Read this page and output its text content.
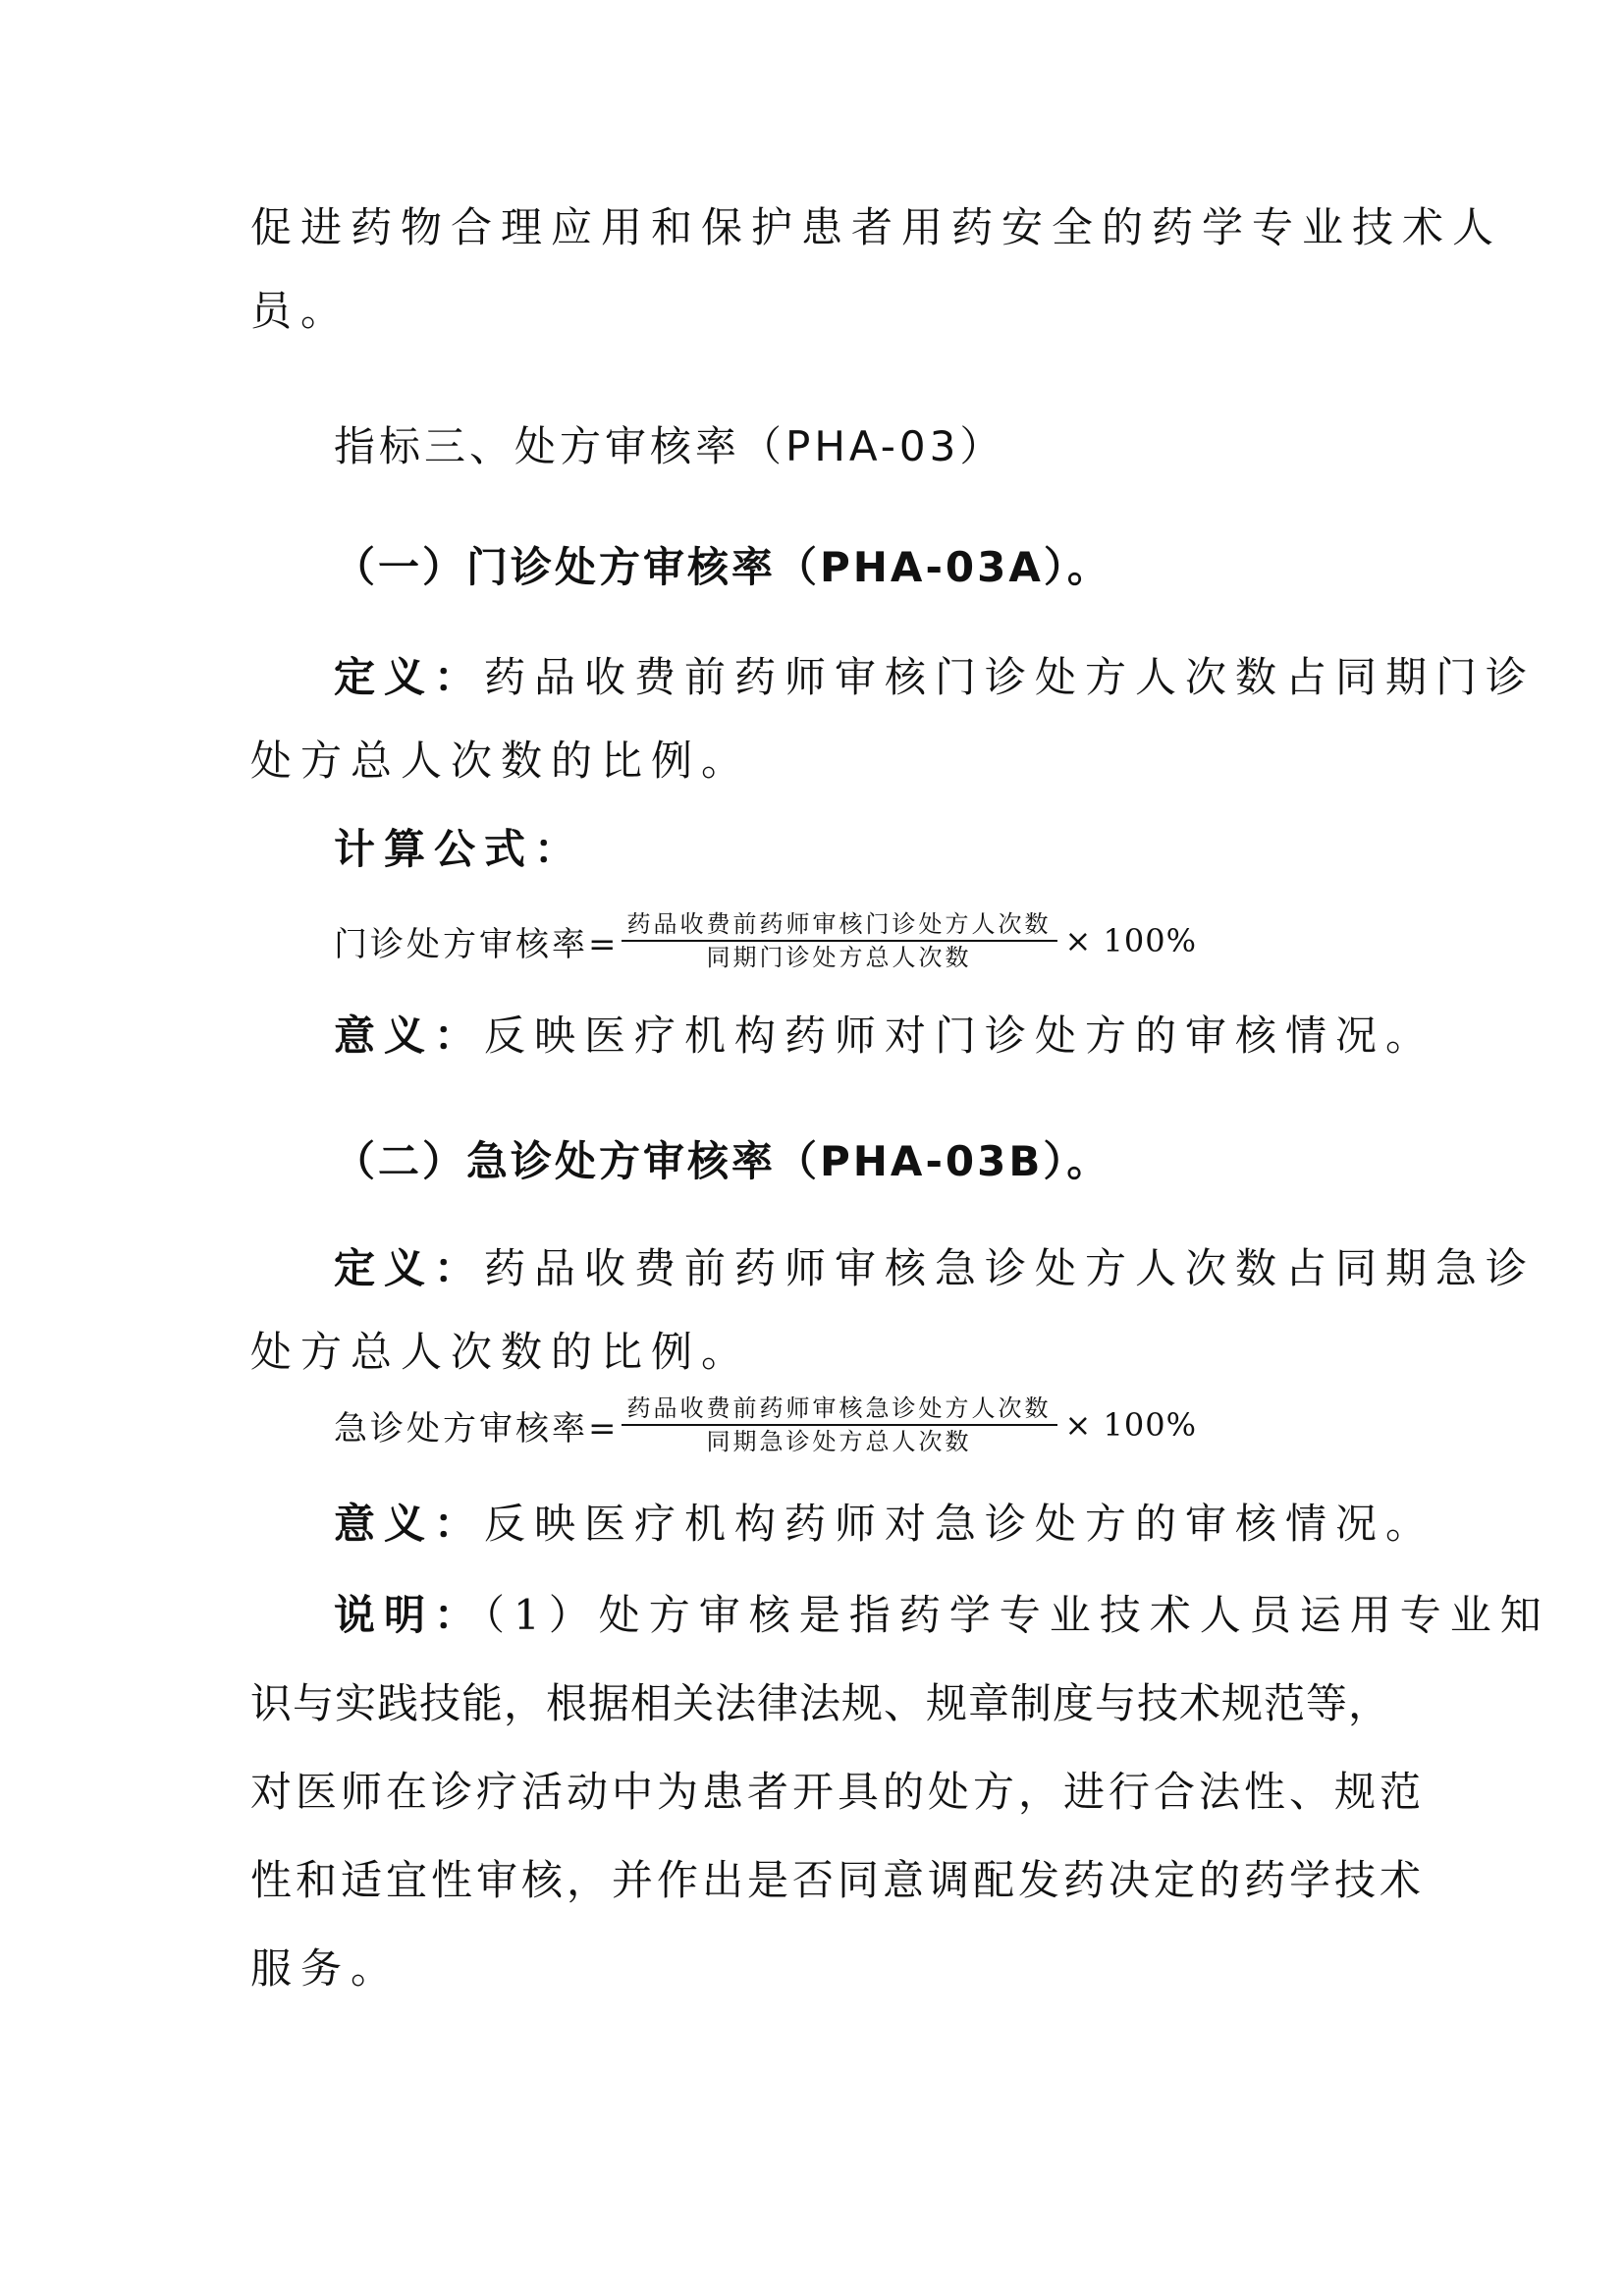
促进药物合理应用和保护患者用药安全的药学专业技术人
员。
指标三、处方审核率（PHA-03）
（一）门诊处方审核率（PHA-03A）。
定义：药品收费前药师审核门诊处方人次数占同期门诊
处方总人次数的比例。
计算公式：
门诊处方审核率= $\frac{\text{药品收费前药师审核门诊处方人次数}}{\text{同期门诊处方总人次数}} \times 100\%$
意义：反映医疗机构药师对门诊处方的审核情况。
（二）急诊处方审核率（PHA-03B）。
定义：药品收费前药师审核急诊处方人次数占同期急诊
处方总人次数的比例。
急诊处方审核率= $\frac{\text{药品收费前药师审核急诊处方人次数}}{\text{同期急诊处方总人次数}} \times 100\%$
意义：反映医疗机构药师对急诊处方的审核情况。
说明：（1）处方审核是指药学专业技术人员运用专业知
识与实践技能，根据相关法律法规、规章制度与技术规范等，
对医师在诊疗活动中为患者开具的处方，进行合法性、规范
性和适宜性审核，并作出是否同意调配发药决定的药学技术
服务。
